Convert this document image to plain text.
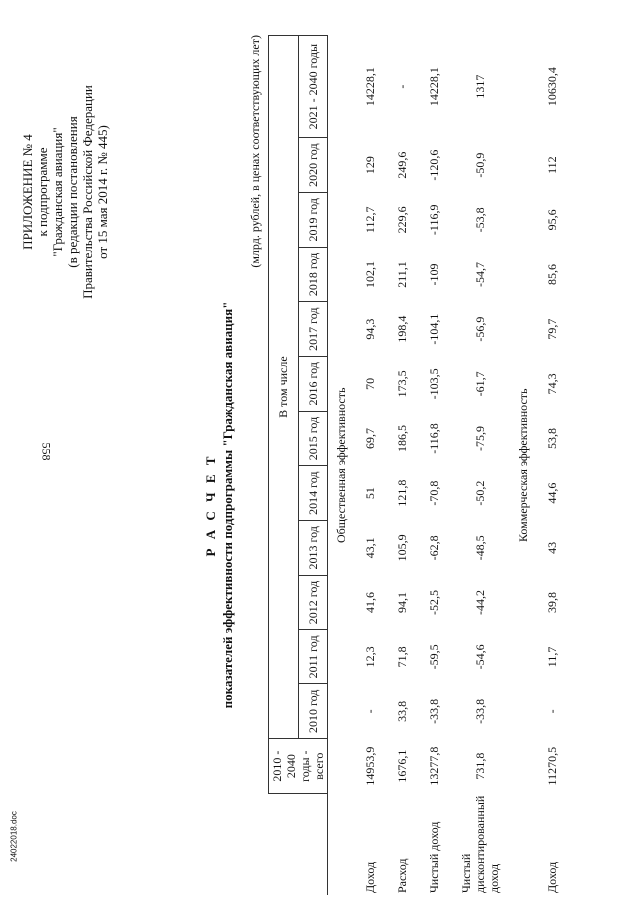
558
24022018.doc
ПРИЛОЖЕНИЕ № 4 к подпрограмме "Гражданская авиация" (в редакции постановления Правительства Российской Федерации от 15 мая 2014 г. № 445)
Р А С Ч Е Т показателей эффективности подпрограммы "Гражданская авиация"
(млрд. рублей, в ценах соответствующих лет)
	2010 - 2040 годы - всего	В том числе											
		2010 год	2011 год	2012 год	2013 год	2014 год	2015 год	2016 год	2017 год	2018 год	2019 год	2020 год	2021 - 2040 годы
Общественная эффективность													
Доход	14953,9	-	12,3	41,6	43,1	51	69,7	70	94,3	102,1	112,7	129	14228,1
Расход	1676,1	33,8	71,8	94,1	105,9	121,8	186,5	173,5	198,4	211,1	229,6	249,6	-
Чистый доход	13277,8	-33,8	-59,5	-52,5	-62,8	-70,8	-116,8	-103,5	-104,1	-109	-116,9	-120,6	14228,1
Чистый дисконтированный доход	731,8	-33,8	-54,6	-44,2	-48,5	-50,2	-75,9	-61,7	-56,9	-54,7	-53,8	-50,9	1317
Коммерческая эффективность													
Доход	11270,5	-	11,7	39,8	43	44,6	53,8	74,3	79,7	85,6	95,6	112	10630,4
